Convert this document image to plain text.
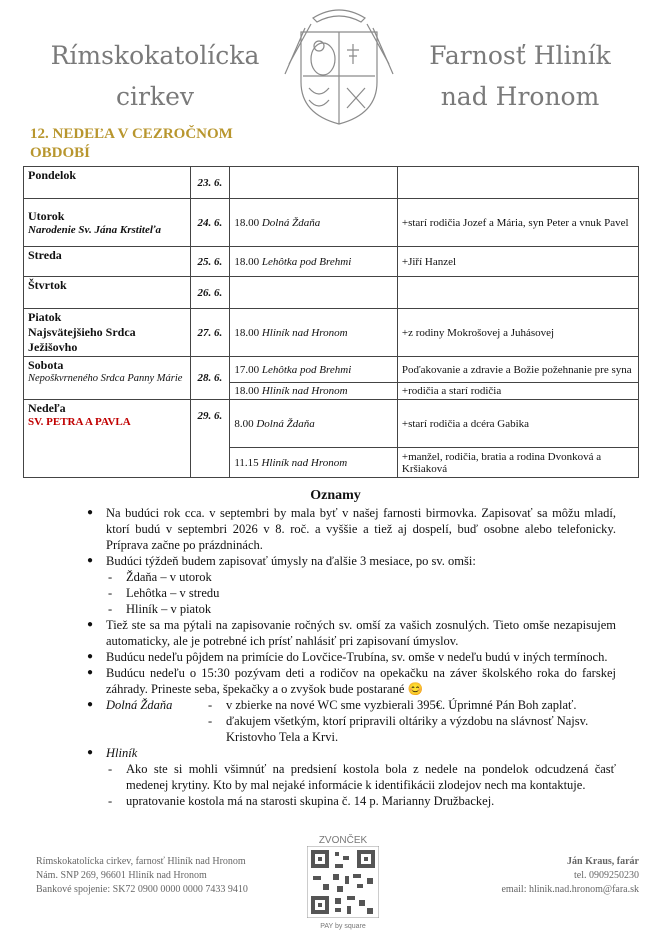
Rímskokatolícka
cirkev
Farnosť Hliník
nad Hronom
12. NEDEĽA V CEZROČNOM
OBDOBÍ
Pondelok	23. 6.		

Utorok
Narodenie Sv. Jána Krstiteľa	24. 6.	18.00 Dolná Ždaňa	+starí rodičia Jozef a Mária, syn Peter a vnuk Pavel
Streda	25. 6.	18.00 Lehôtka pod Brehmi	+Jiří Hanzel
Štvrtok	26. 6.		

Piatok
Najsvätejšieho Srdca Ježišovho	27. 6.	18.00 Hliník nad Hronom	+z rodiny Mokrošovej a Juhásovej

Sobota
Nepoškvrneného Srdca Panny Márie	28. 6.	17.00 Lehôtka pod Brehmi	Poďakovanie a zdravie a Božie požehnanie pre syna
		18.00 Hliník nad Hronom	+rodičia a starí rodičia

Nedeľa
SV. PETRA A PAVLA	29. 6.	8.00 Dolná Ždaňa	+starí rodičia a dcéra Gabika
		11.15 Hliník nad Hronom	+manžel, rodičia, bratia a rodina Dvonková a Kršiaková
Oznamy
● Na budúci rok cca. v septembri by mala byť v našej farnosti birmovka. Zapisovať sa môžu mladí, ktorí budú v septembri 2026 v 8. roč. a vyššie a tiež aj dospelí, buď osobne alebo telefonicky. Príprava začne po prázdninách.
● Budúci týždeň budem zapisovať úmysly na ďalšie 3 mesiace, po sv. omši:
- Ždaňa – v utorok
- Lehôtka – v stredu
- Hliník – v piatok
● Tiež ste sa ma pýtali na zapisovanie ročných sv. omší za vašich zosnulých. Tieto omše nezapisujem automaticky, ale je potrebné ich prísť nahlásiť pri zapisovaní úmyslov.
● Budúcu nedeľu pôjdem na primície do Lovčice-Trubína, sv. omše v nedeľu budú v iných termínoch.
● Budúcu nedeľu o 15:30 pozývam deti a rodičov na opekačku na záver školského roka do farskej záhrady. Prineste seba, špekačky a o zvyšok bude postarané 😊
● Dolná Ždaňa	- v zbierke na nové WC sme vyzbierali 395€. Úprimné Pán Boh zaplať.
- ďakujem všetkým, ktorí pripravili oltáriky a výzdobu na slávnosť Najsv. Kristovho Tela a Krvi.
● Hliník
- Ako ste si mohli všimnúť na predsiení kostola bola z nedele na pondelok odcudzená časť medenej krytiny. Kto by mal nejaké informácie k identifikácii zlodejov nech ma kontaktuje.
- upratovanie kostola má na starosti skupina č. 14 p. Marianny Družbackej.
Rímskokatolícka cirkev, farnosť Hliník nad Hronom
Nám. SNP 269, 96601 Hliník nad Hronom
Bankové spojenie: SK72 0900 0000 0000 7433 9410
ZVONČEK
PAY by square
Ján Kraus, farár
tel. 0909250230
email: hlinik.nad.hronom@fara.sk
